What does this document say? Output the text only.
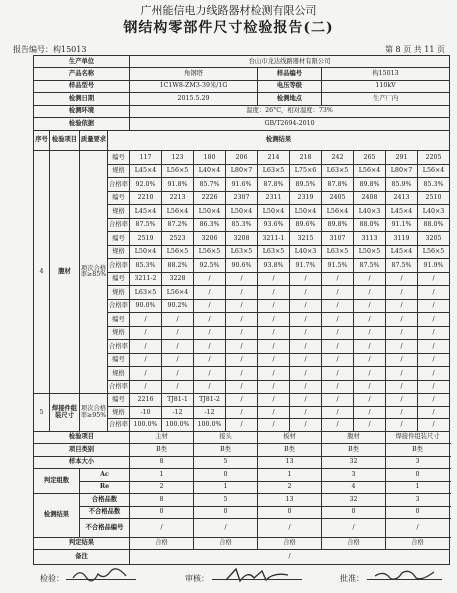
广州能信电力线路器材检测有限公司
钢结构零部件尺寸检验报告(二)
报告编号：构15013	第 8 页 共 11 页
生产单位				台山市龙达线路器材有限公司									
产品名称				角钢塔				样品编号		构15013			
样品型号				1C1W8-ZM3-39米/1G				电压等级		110kV			
检测日期				2015.5.29				检测地点		生产厂内			
检测环境				温度：26°C，相对湿度：73%									
检验依据				GB/T2694-2010									
序号	检验项目	质量要求	检测结果										
4	腹材	项次合格率≥85%	编号	117	123	180	206	214	218	242	265	291	2205
			规格	L45×4	L56×5	L40×4	L80×7	L63×5	L75×6	L63×5	L56×4	L80×7	L56×4
			合格率	92.0%	91.8%	85.7%	91.6%	87.8%	89.5%	87.8%	89.8%	85.9%	85.3%
			编号	2210	2213	2226	2307	2311	2319	2405	2408	2413	2510
			规格	L45×4	L56×4	L50×4	L50×4	L50×4	L50×4	L56×4	L40×3	L45×4	L40×3
			合格率	87.5%	87.2%	86.3%	85.3%	93.6%	89.6%	89.8%	88.0%	91.1%	88.0%
			编号	2519	2523	3206	3208	3211-1	3215	3107	3113	3119	3205
			规格	L50×4	L56×5	L56×5	L63×5	L63×5	L40×3	L63×5	L50×5	L45×4	L56×5
			合格率	85.3%	88.2%	92.5%	90.6%	93.8%	91.7%	91.5%	87.5%	87.5%	91.9%
			编号	3211-2	3228	/	/	/	/	/	/	/	/
			规格	L63×5	L56×4	/	/	/	/	/	/	/	/
			合格率	90.0%	90.2%	/	/	/	/	/	/	/	/
			编号	/	/	/	/	/	/	/	/	/	/
			规格	/	/	/	/	/	/	/	/	/	/
			合格率	/	/	/	/	/	/	/	/	/	/
			编号	/	/	/	/	/	/	/	/	/	/
			规格	/	/	/	/	/	/	/	/	/	/
			合格率	/	/	/	/	/	/	/	/	/	/
5	焊接件组装尺寸	项次合格率≥95%	编号	2216	TJ81-1	TJ81-2	/	/	/	/	/	/	/
			规格	-10	-12	-12	/	/	/	/	/	/	/
			合格率	100.0%	100.0%	100.0%	/	/	/	/	/	/	/
检验项目				主材		接头		板材		腹材		焊接件组装尺寸	
项目类别				B类		B类		B类		B类		B类	
样本大小				8		5		13		32		3	
判定组数		Ac		1		0		1		3		0	
		Re		2		1		2		4		1	
检测结果		合格品数		8		5		13		32		3	
		不合格品数		0		0		0		0		0	
		不合格品编号		/		/		/		/		/	
判定结果				合格		合格		合格		合格		合格	
备注				/									
检验：	审核：	批准：
